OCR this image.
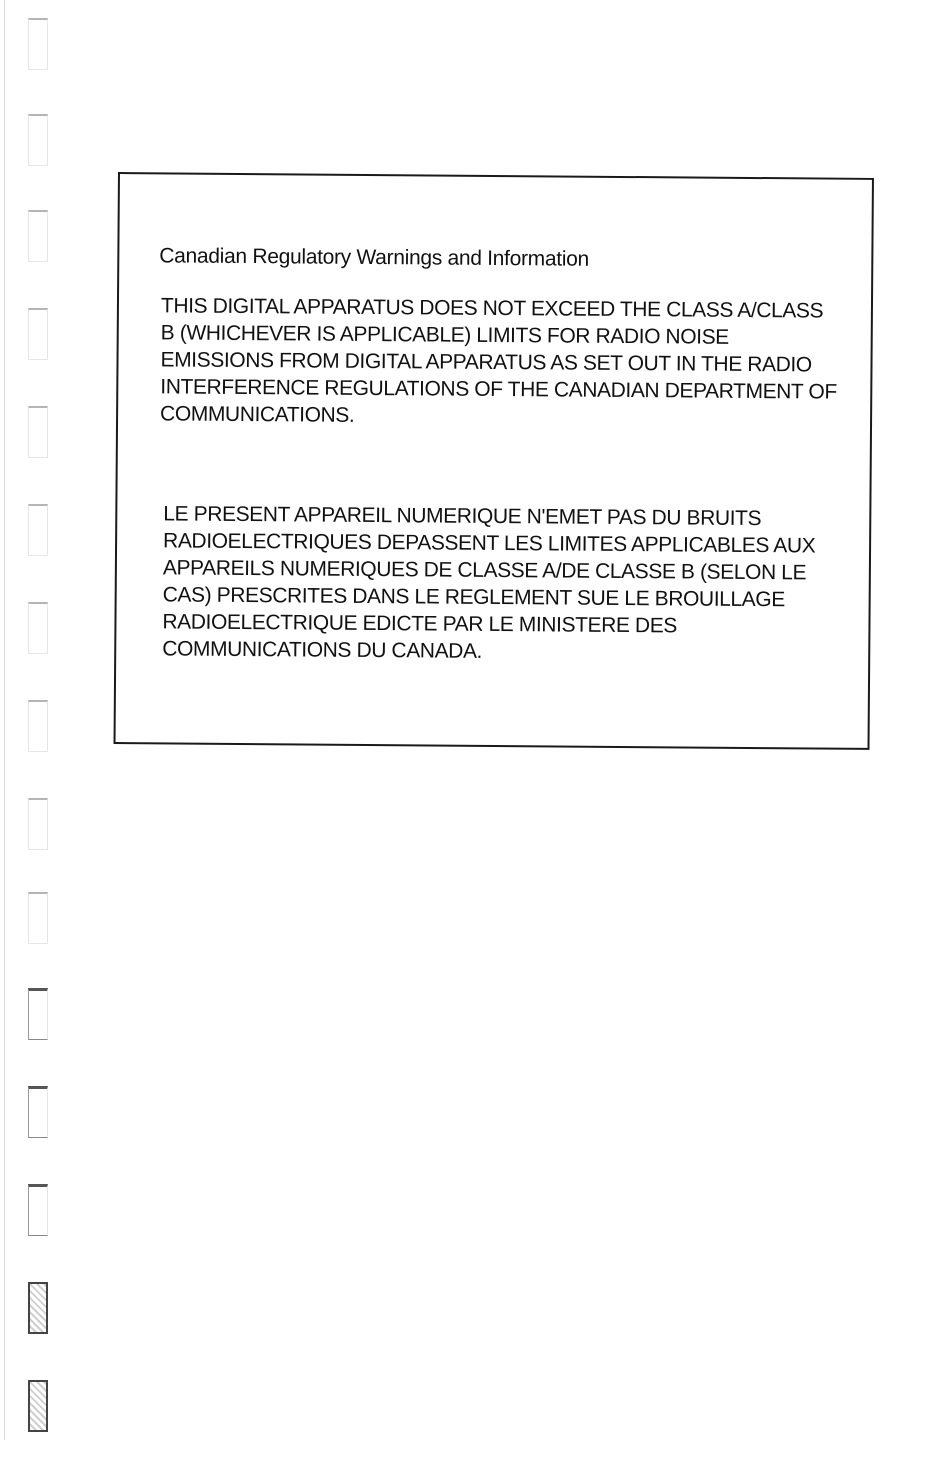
Canadian Regulatory Warnings and Information

THIS DIGITAL APPARATUS DOES NOT EXCEED THE CLASS A/CLASS B (WHICHEVER IS APPLICABLE) LIMITS FOR RADIO NOISE EMISSIONS FROM DIGITAL APPARATUS AS SET OUT IN THE RADIO INTERFERENCE REGULATIONS OF THE CANADIAN DEPARTMENT OF COMMUNICATIONS.

LE PRESENT APPAREIL NUMERIQUE N'EMET PAS DU BRUITS RADIOELECTRIQUES DEPASSENT LES LIMITES APPLICABLES AUX APPAREILS NUMERIQUES DE CLASSE A/DE CLASSE B (SELON LE CAS) PRESCRITES DANS LE REGLEMENT SUE LE BROUILLAGE RADIOELECTRIQUE EDICTE PAR LE MINISTERE DES COMMUNICATIONS DU CANADA.
